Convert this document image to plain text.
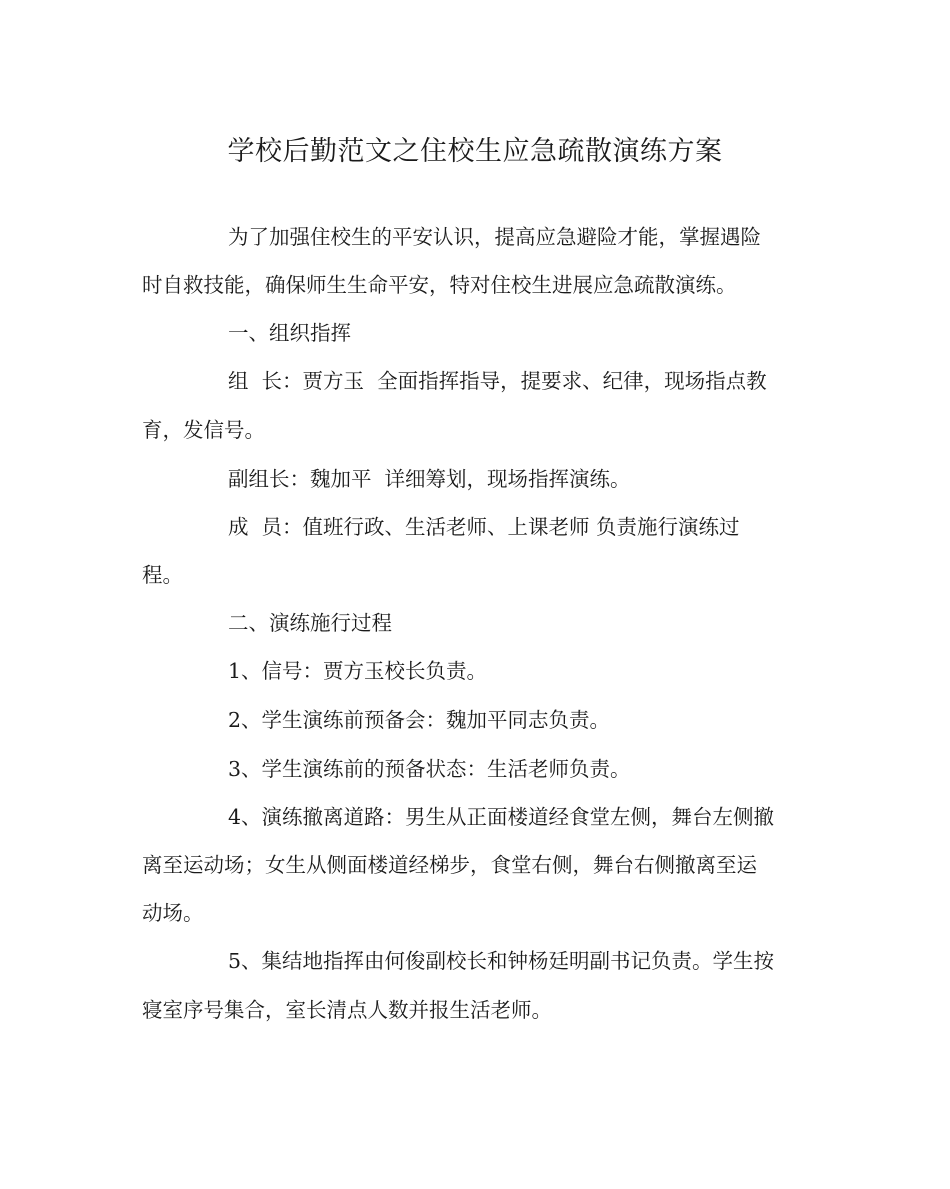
学校后勤范文之住校生应急疏散演练方案
为了加强住校生的平安认识，提高应急避险才能，掌握遇险
时自救技能，确保师生生命平安，特对住校生进展应急疏散演练。
一、组织指挥
组  长：贾方玉  全面指挥指导，提要求、纪律，现场指点教
育，发信号。
副组长：魏加平  详细筹划，现场指挥演练。
成  员：值班行政、生活老师、上课老师 负责施行演练过
程。
二、演练施行过程
1、信号：贾方玉校长负责。
2、学生演练前预备会：魏加平同志负责。
3、学生演练前的预备状态：生活老师负责。
4、演练撤离道路：男生从正面楼道经食堂左侧，舞台左侧撤
离至运动场；女生从侧面楼道经梯步，食堂右侧，舞台右侧撤离至运
动场。
5、集结地指挥由何俊副校长和钟杨廷明副书记负责。学生按
寝室序号集合，室长清点人数并报生活老师。
